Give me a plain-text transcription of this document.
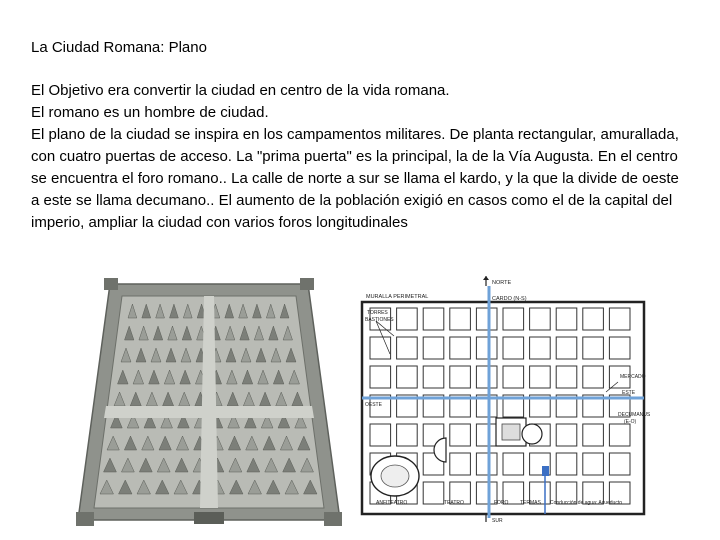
La Ciudad Romana: Plano

El Objetivo era convertir la ciudad en centro de la vida romana.

El romano es un hombre de ciudad.

El plano de la ciudad se inspira en los campamentos militares. De planta rectangular, amurallada, con cuatro puertas de acceso. La "prima puerta" es la principal, la de la Vía Augusta. En el centro se encuentra el foro romano.. La calle de norte a sur se llama el kardo, y la que la divide de oeste a este se llama decumano.. El aumento de la población exigió en casos como el de la capital del imperio, ampliar la ciudad con varios foros longitudinales

MURALLA PERIMETRAL
NORTE
CARDO (N-S)
TORRES
BASTIONES
MERCADO
ESTE
DECUMANUS
(E-O)
OESTE
ANFITEATRO	TEATRO	FORO TERMAS Conducción de agua: Acueducto
SUR
